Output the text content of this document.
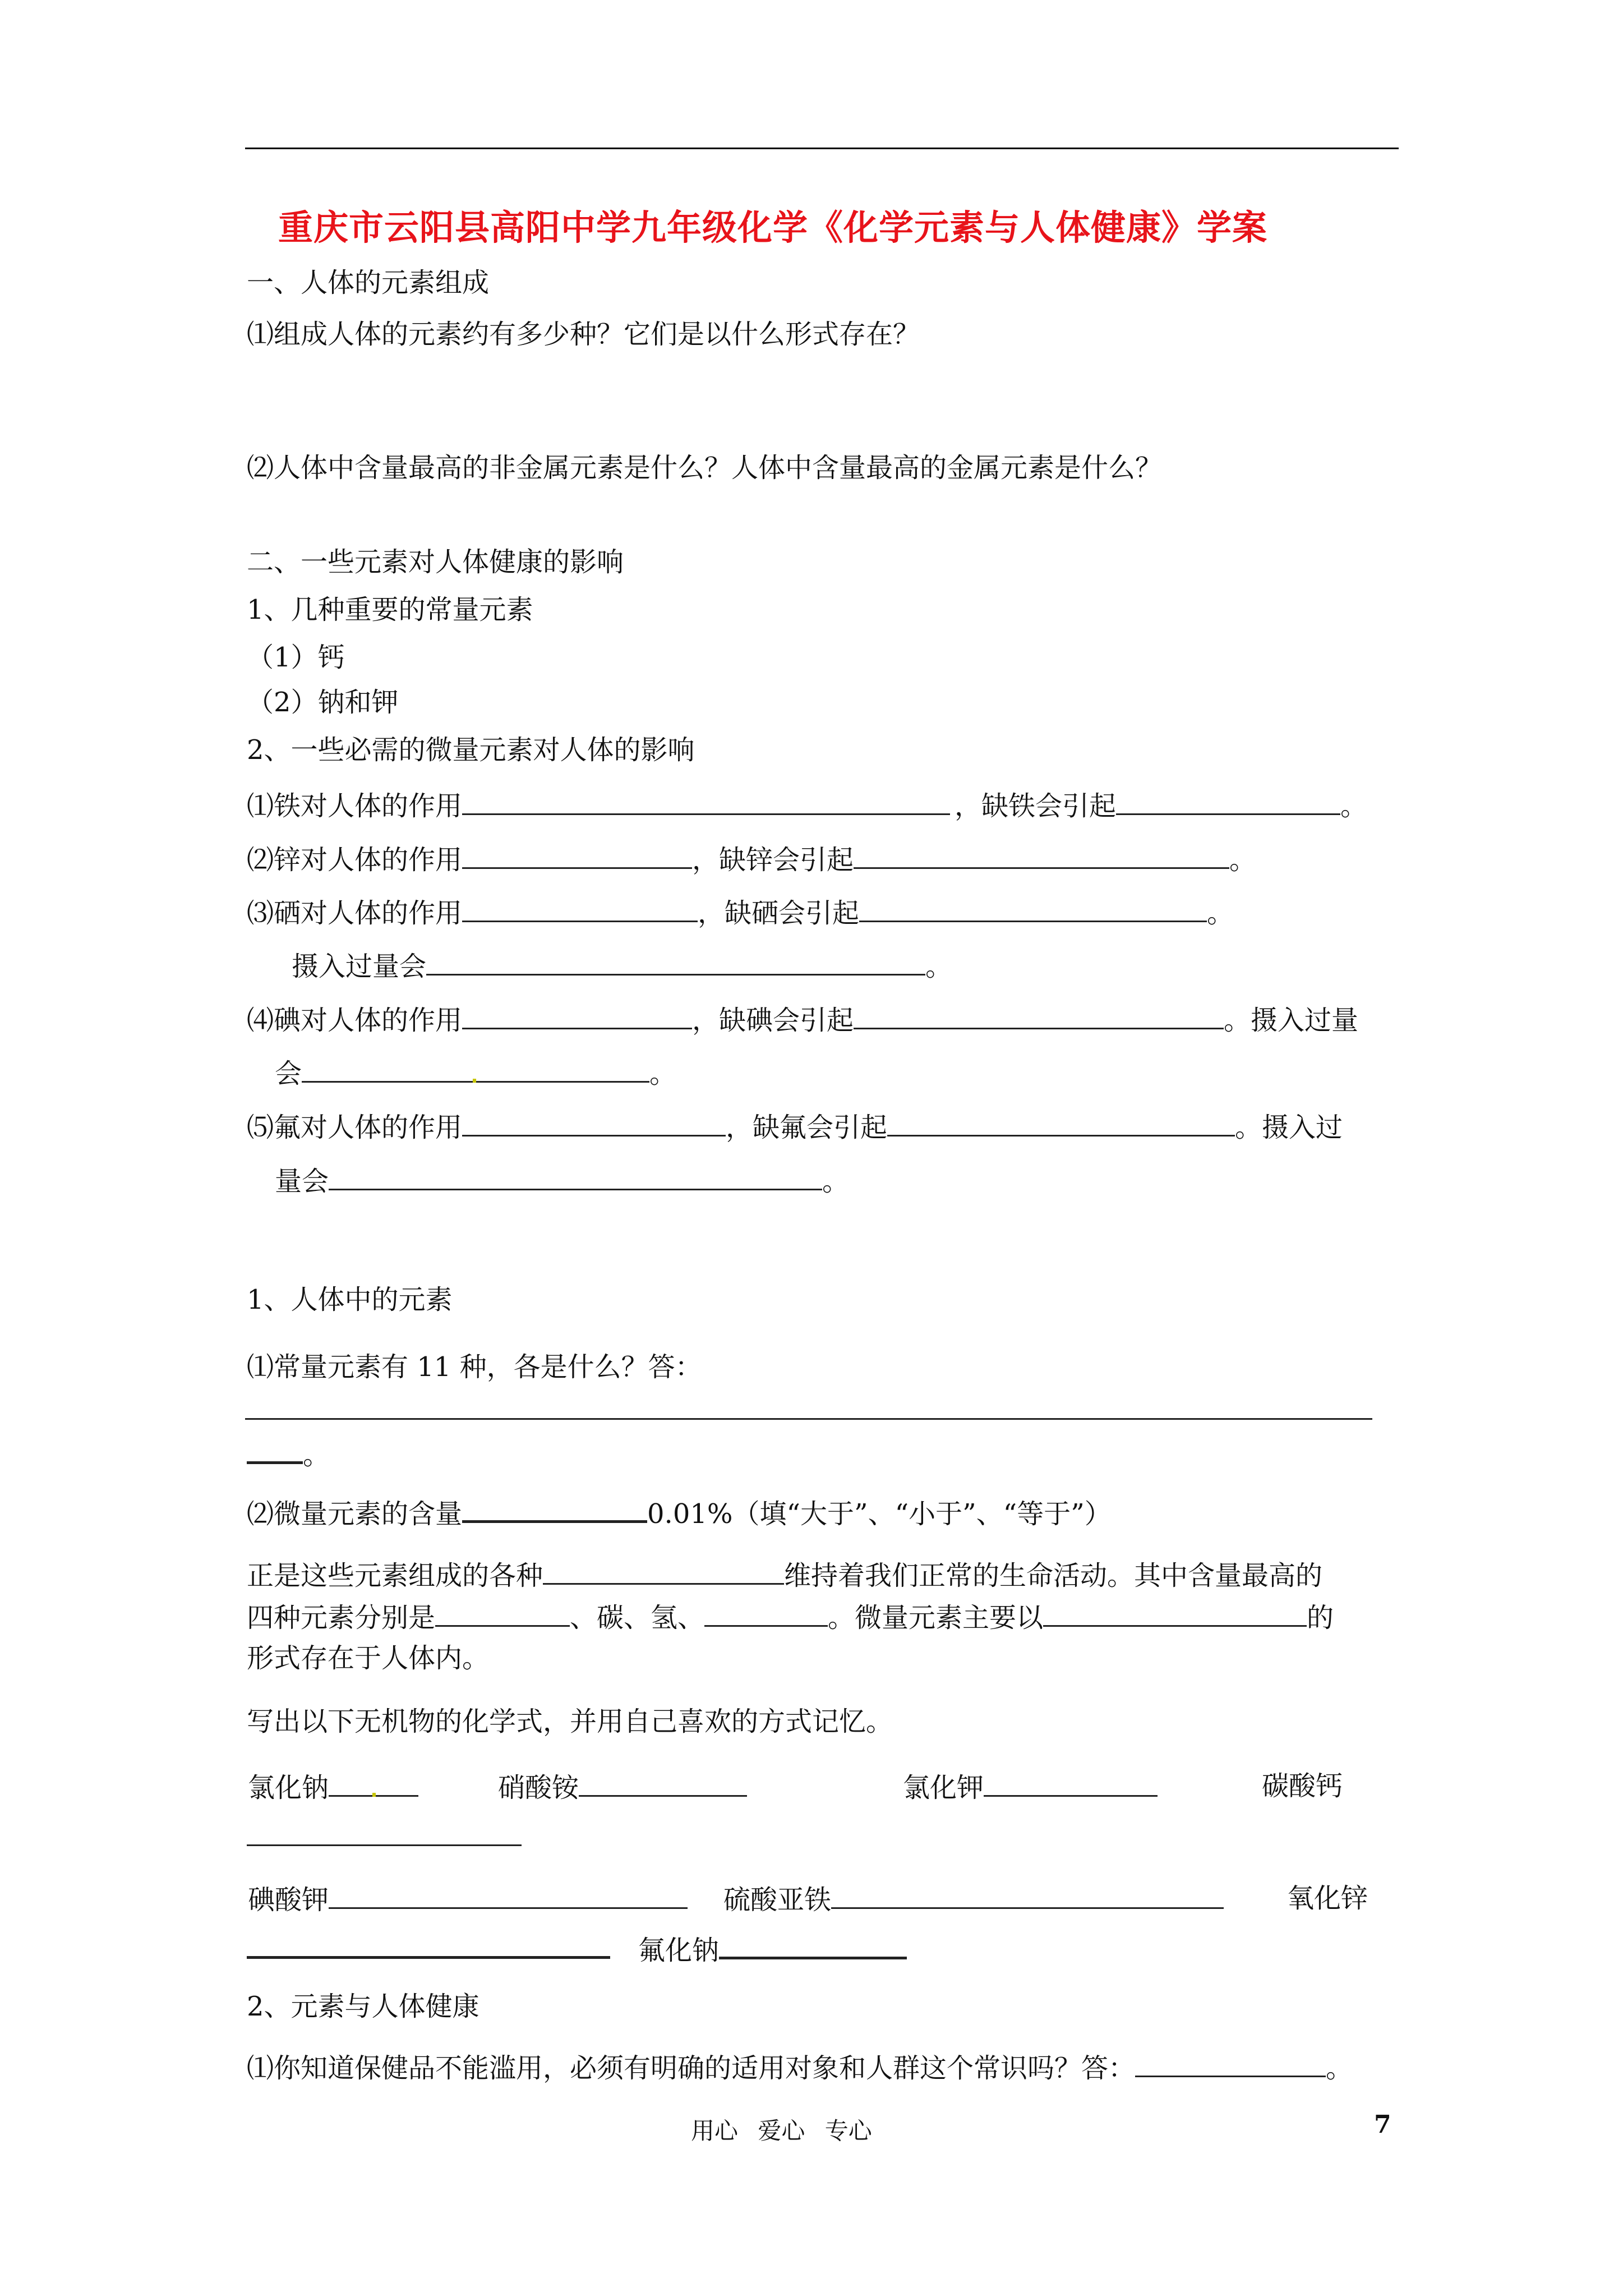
重庆市云阳县高阳中学九年级化学《化学元素与人体健康》学案
一、人体的元素组成
⑴组成人体的元素约有多少种？它们是以什么形式存在？
⑵人体中含量最高的非金属元素是什么？人体中含量最高的金属元素是什么？
二、一些元素对人体健康的影响
1、几种重要的常量元素
（1）钙
（2）钠和钾
2、一些必需的微量元素对人体的影响
⑴铁对人体的作用	，缺铁会引起	。
⑵锌对人体的作用	，缺锌会引起	。
⑶硒对人体的作用	，缺硒会引起	。
摄入过量会	。
⑷碘对人体的作用	，缺碘会引起	。摄入过量
会	。
⑸氟对人体的作用	，缺氟会引起	。摄入过
量会	。
1、人体中的元素
⑴常量元素有 11 种，各是什么？答：
。
⑵微量元素的含量	0.01%（填“大于”、“小于”、“等于”）
正是这些元素组成的各种	维持着我们正常的生命活动。其中含量最高的
四种元素分别是	、碳、氢、	。微量元素主要以	的
形式存在于人体内。
写出以下无机物的化学式，并用自己喜欢的方式记忆。
氯化钠	硝酸铵	氯化钾	碳酸钙
碘酸钾	硫酸亚铁	氧化锌
氟化钠
2、元素与人体健康
⑴你知道保健品不能滥用，必须有明确的适用对象和人群这个常识吗？答：	。
用心 爱心 专心	7
